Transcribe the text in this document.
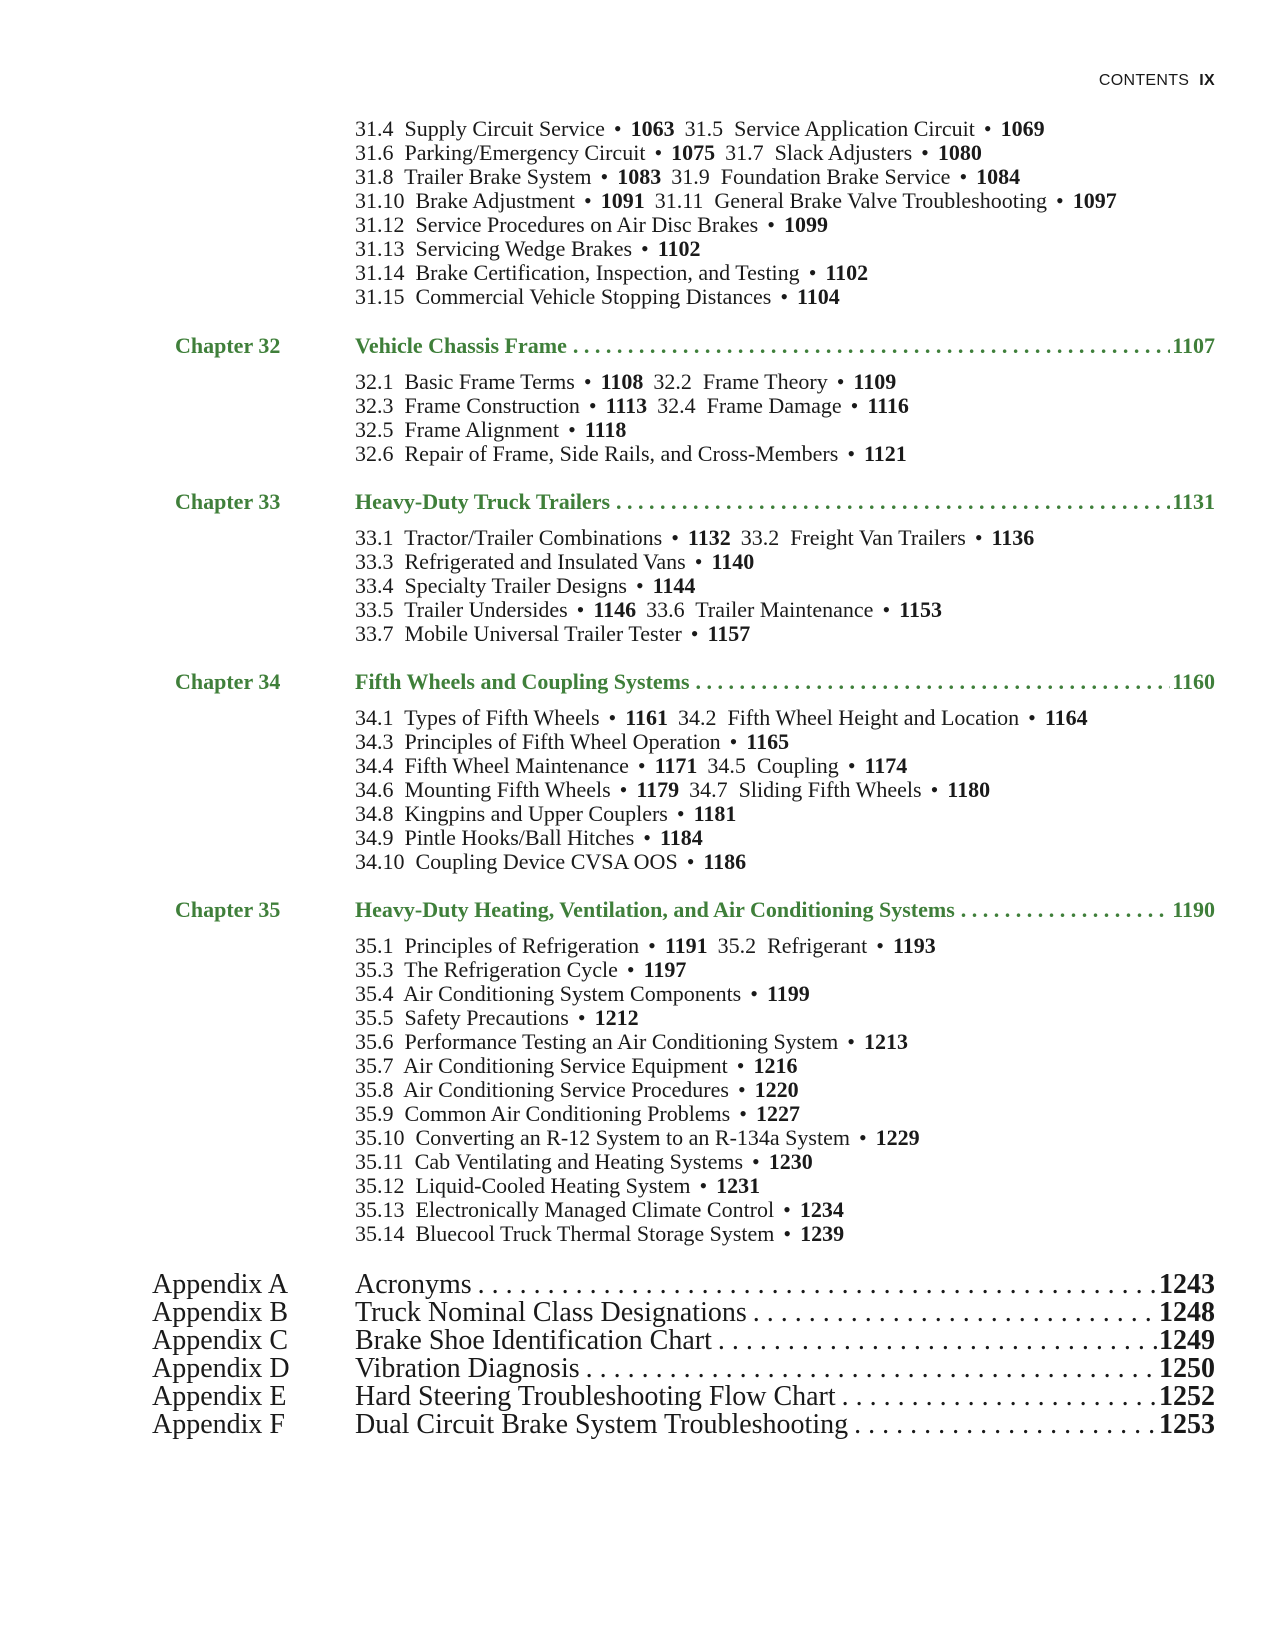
CONTENTS IX
31.4  Supply Circuit Service • 1063 31.5  Service Application Circuit • 1069
31.6  Parking/Emergency Circuit • 1075 31.7  Slack Adjusters • 1080
31.8  Trailer Brake System • 1083 31.9  Foundation Brake Service • 1084
31.10  Brake Adjustment • 1091 31.11  General Brake Valve Troubleshooting • 1097
31.12  Service Procedures on Air Disc Brakes • 1099
31.13  Servicing Wedge Brakes • 1102
31.14  Brake Certification, Inspection, and Testing • 1102
31.15  Commercial Vehicle Stopping Distances • 1104
Chapter 32	Vehicle Chassis Frame . . .	1107
32.1  Basic Frame Terms • 1108 32.2  Frame Theory • 1109
32.3  Frame Construction • 1113 32.4  Frame Damage • 1116
32.5  Frame Alignment • 1118
32.6  Repair of Frame, Side Rails, and Cross-Members • 1121
Chapter 33	Heavy-Duty Truck Trailers . . .	1131
33.1  Tractor/Trailer Combinations • 1132 33.2  Freight Van Trailers • 1136
33.3  Refrigerated and Insulated Vans • 1140
33.4  Specialty Trailer Designs • 1144
33.5  Trailer Undersides • 1146 33.6  Trailer Maintenance • 1153
33.7  Mobile Universal Trailer Tester • 1157
Chapter 34	Fifth Wheels and Coupling Systems . . .	1160
34.1  Types of Fifth Wheels • 1161 34.2  Fifth Wheel Height and Location • 1164
34.3  Principles of Fifth Wheel Operation • 1165
34.4  Fifth Wheel Maintenance • 1171 34.5  Coupling • 1174
34.6  Mounting Fifth Wheels • 1179 34.7  Sliding Fifth Wheels • 1180
34.8  Kingpins and Upper Couplers • 1181
34.9  Pintle Hooks/Ball Hitches • 1184
34.10  Coupling Device CVSA OOS • 1186
Chapter 35	Heavy-Duty Heating, Ventilation, and Air Conditioning Systems . . .	1190
35.1  Principles of Refrigeration • 1191 35.2  Refrigerant • 1193
35.3  The Refrigeration Cycle • 1197
35.4  Air Conditioning System Components • 1199
35.5  Safety Precautions • 1212
35.6  Performance Testing an Air Conditioning System • 1213
35.7  Air Conditioning Service Equipment • 1216
35.8  Air Conditioning Service Procedures • 1220
35.9  Common Air Conditioning Problems • 1227
35.10  Converting an R-12 System to an R-134a System • 1229
35.11  Cab Ventilating and Heating Systems • 1230
35.12  Liquid-Cooled Heating System • 1231
35.13  Electronically Managed Climate Control • 1234
35.14  Bluecool Truck Thermal Storage System • 1239
Appendix A Acronyms . . .	1243
Appendix B Truck Nominal Class Designations . . .	1248
Appendix C Brake Shoe Identification Chart . . .	1249
Appendix D Vibration Diagnosis . . .	1250
Appendix E Hard Steering Troubleshooting Flow Chart . . .	1252
Appendix F	Dual Circuit Brake System Troubleshooting . . .	1253
